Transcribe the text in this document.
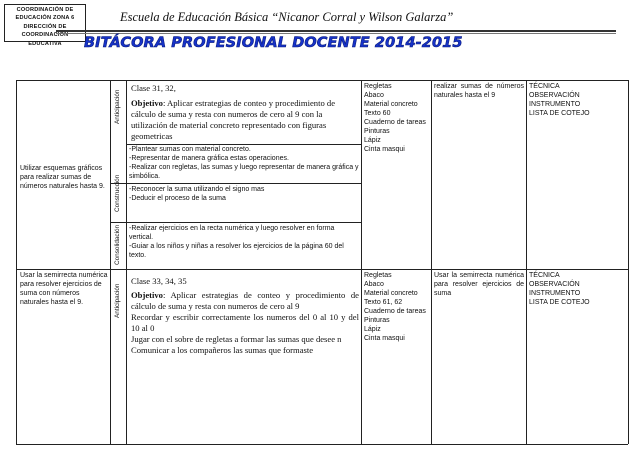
COORDINACIÓN DE
EDUCACIÓN ZONA 6
DIRECCIÓN DE
COORDINACIÓN
EDUCATIVA
Escuela de Educación Básica “Nicanor Corral y Wilson Galarza”
BITÁCORA PROFESIONAL DOCENTE 2014-2015
Utilizar esquemas gráficos para realizar sumas de números naturales hasta 9.
Anticipación
Construcción
Consolidación
Clase 31, 32,
Objetivo: Aplicar estrategias de conteo y procedimiento de cálculo de suma y resta con numeros de cero al 9 con la utilización de material concreto representado con figuras geometricas
-Plantear sumas con material concreto.
-Representar de manera gráfica estas operaciones.
-Realizar con regletas, las sumas y luego representar de manera gráfica y simbólica.
-Reconocer la suma utilizando el signo mas
-Deducir el proceso de la suma
-Realizar ejercicios en la recta numérica y luego resolver en forma vertical.
-Guiar a los niños y niñas a resolver los ejercicios de la página 60 del texto.
Regletas
Abaco
Material concreto
Texto 60
Cuaderno de tareas
Pinturas
Lápiz
Cinta masqui
realizar sumas de números naturales hasta el 9
TÉCNICA
OBSERVACIÓN
INSTRUMENTO
LISTA DE COTEJO
Usar la semirrecta numérica para resolver ejercicios de suma con números naturales hasta el 9.	Anticipación
Clase 33, 34, 35
Objetivo: Aplicar estrategias de conteo y procedimiento de cálculo de suma y resta con numeros de cero al 9
Recordar y escribir correctamente los numeros del 0 al 10 y del 10 al 0
Jugar con el sobre de regletas a formar las sumas que desee n
Comunicar a los compañeros las sumas que formaste
Regletas
Abaco
Material concreto
Texto 61, 62
Cuaderno de tareas
Pinturas
Lápiz
Cinta masqui
Usar la semirrecta numérica para resolver ejercicios de suma
TÉCNICA
OBSERVACIÓN
INSTRUMENTO
LISTA DE COTEJO
